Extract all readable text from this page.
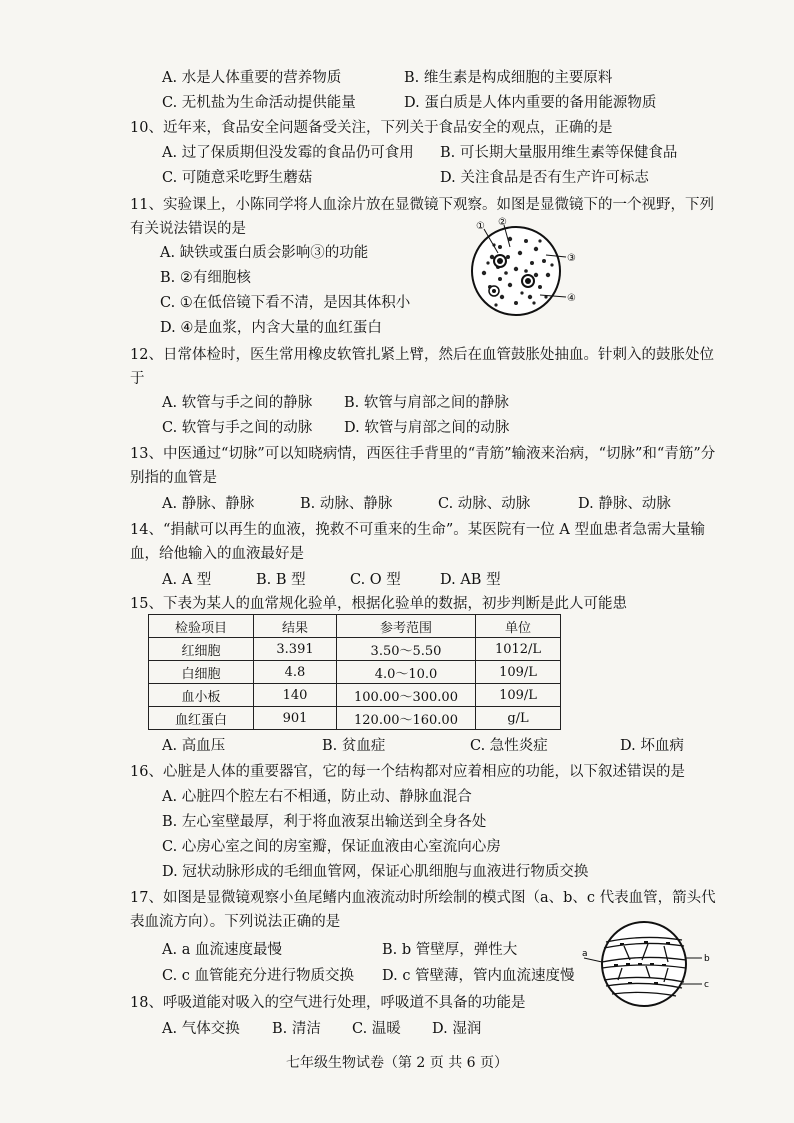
A. 水是人体重要的营养物质	B. 维生素是构成细胞的主要原料
C. 无机盐为生命活动提供能量	D. 蛋白质是人体内重要的备用能源物质
10、近年来，食品安全问题备受关注，下列关于食品安全的观点，正确的是
A. 过了保质期但没发霉的食品仍可食用 B. 可长期大量服用维生素等保健食品
C. 可随意采吃野生蘑菇	D. 关注食品是否有生产许可标志
11、实验课上，小陈同学将人血涂片放在显微镜下观察。如图是显微镜下的一个视野，下列
有关说法错误的是
A. 缺铁或蛋白质会影响③的功能
B. ②有细胞核
C. ①在低倍镜下看不清，是因其体积小
D. ④是血浆，内含大量的血红蛋白
① ②
③
④
12、日常体检时，医生常用橡皮软管扎紧上臂，然后在血管鼓胀处抽血。针刺入的鼓胀处位
于
A. 软管与手之间的静脉 B. 软管与肩部之间的静脉
C. 软管与手之间的动脉 D. 软管与肩部之间的动脉
13、中医通过“切脉”可以知晓病情，西医往手背里的“青筋”输液来治病，“切脉”和“青筋”分
别指的血管是
A. 静脉、静脉	B. 动脉、静脉	C. 动脉、动脉	D. 静脉、动脉
14、“捐献可以再生的血液，挽救不可重来的生命”。某医院有一位 A 型血患者急需大量输
血，给他输入的血液最好是
A. A 型	B. B 型	C. O 型	D. AB 型
15、下表为某人的血常规化验单，根据化验单的数据，初步判断是此人可能患
检验项目	结果	参考范围	单位
红细胞	3.391	3.50～5.50	1012/L
白细胞	4.8	4.0～10.0	109/L
血小板	140	100.00～300.00	109/L
血红蛋白	901	120.00～160.00	g/L
A. 高血压	B. 贫血症	C. 急性炎症	D. 坏血病
16、心脏是人体的重要器官，它的每一个结构都对应着相应的功能，以下叙述错误的是
A. 心脏四个腔左右不相通，防止动、静脉血混合
B. 左心室壁最厚，利于将血液泵出输送到全身各处
C. 心房心室之间的房室瓣，保证血液由心室流向心房
D. 冠状动脉形成的毛细血管网，保证心肌细胞与血液进行物质交换
17、如图是显微镜观察小鱼尾鳍内血液流动时所绘制的模式图（a、b、c 代表血管，箭头代
表血流方向）。下列说法正确的是
A. a 血流速度最慢	B. b 管壁厚，弹性大
C. c 血管能充分进行物质交换 D. c 管壁薄，管内血流速度慢
a	b
c
18、呼吸道能对吸入的空气进行处理，呼吸道不具备的功能是
A. 气体交换 B. 清洁 C. 温暖 D. 湿润
七年级生物试卷（第 2 页 共 6 页）
